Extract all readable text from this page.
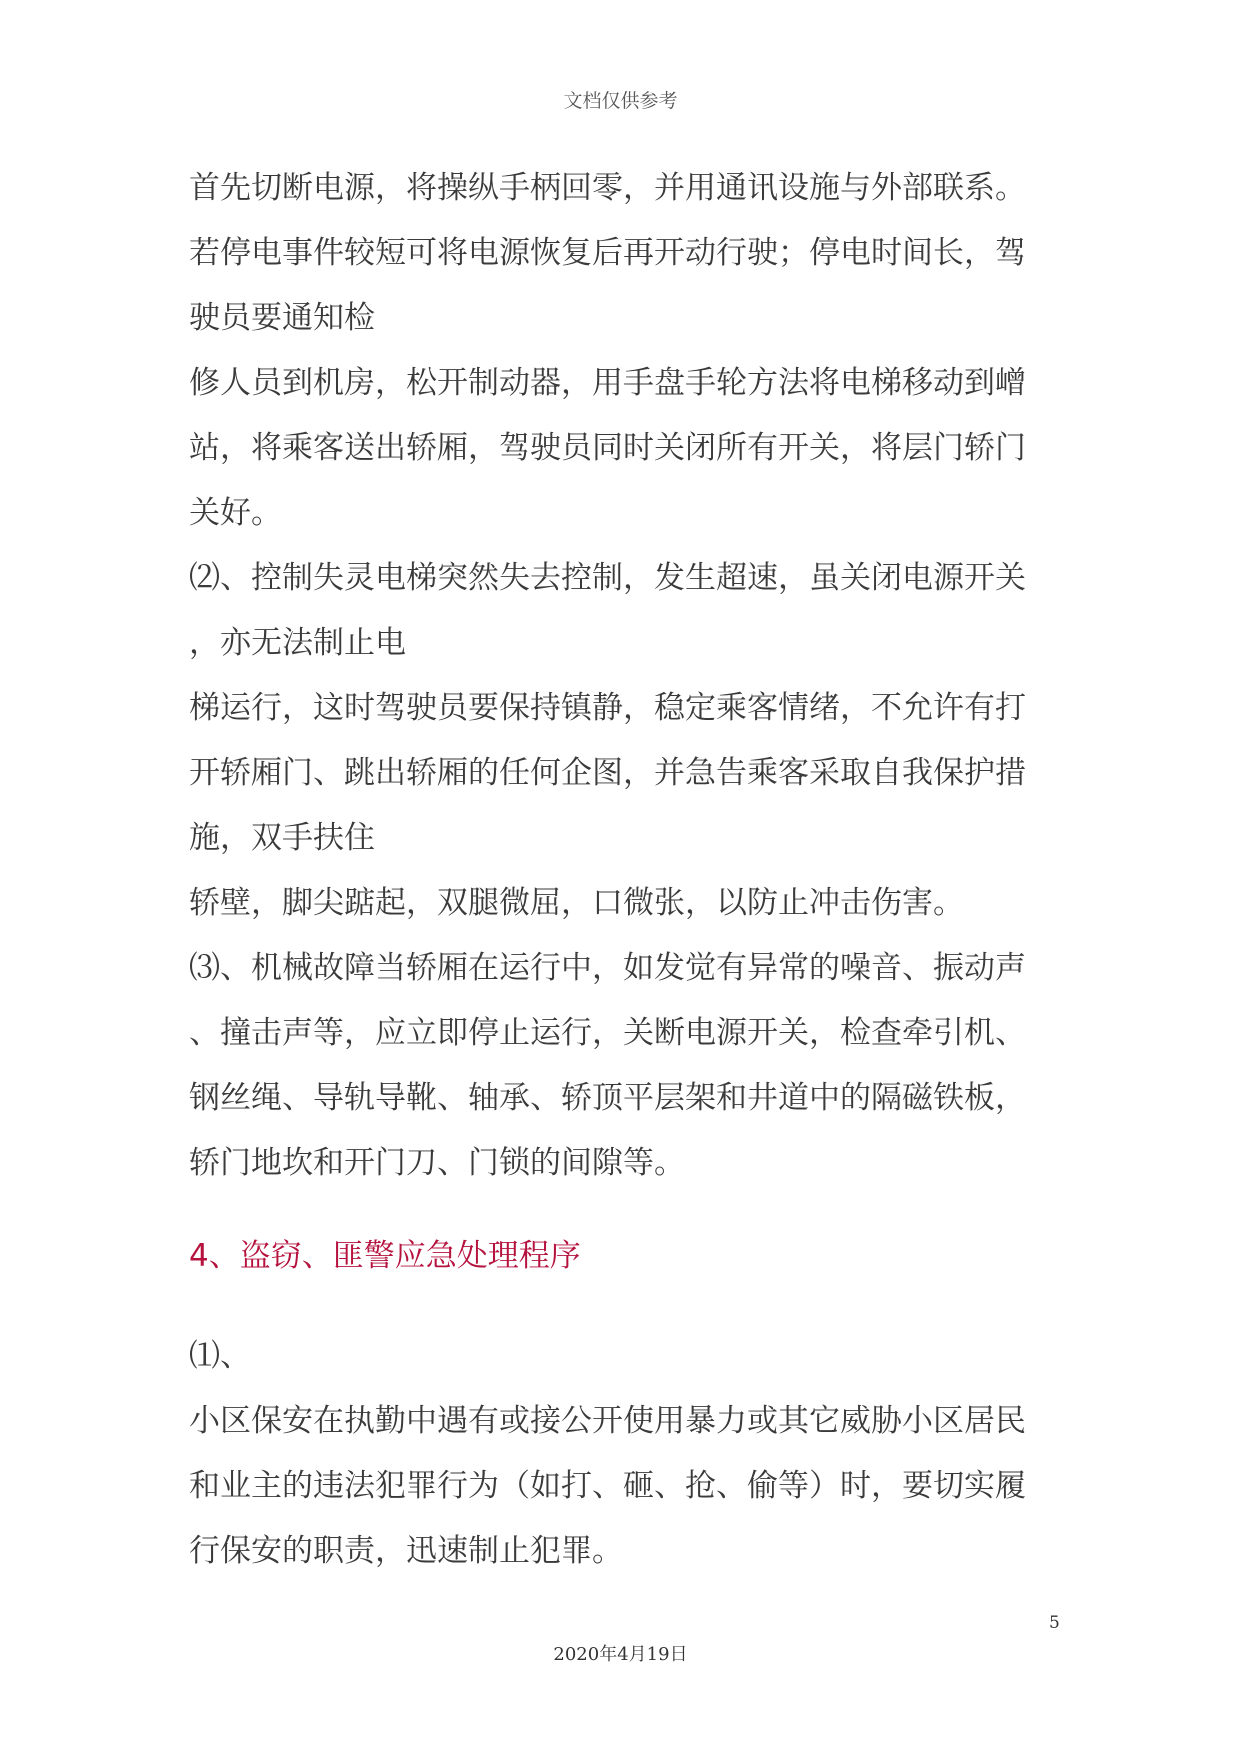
文档仅供参考
首先切断电源，将操纵手柄回零，并用通讯设施与外部联系。
若停电事件较短可将电源恢复后再开动行驶；停电时间长，驾
驶员要通知检
修人员到机房，松开制动器，用手盘手轮方法将电梯移动到嶒
站，将乘客送出轿厢，驾驶员同时关闭所有开关，将层门轿门
关好。
⑵、控制失灵电梯突然失去控制，发生超速，虽关闭电源开关
，亦无法制止电
梯运行，这时驾驶员要保持镇静，稳定乘客情绪，不允许有打
开轿厢门、跳出轿厢的任何企图，并急告乘客采取自我保护措
施，双手扶住
轿壁，脚尖踮起，双腿微屈，口微张，以防止冲击伤害。
⑶、机械故障当轿厢在运行中，如发觉有异常的噪音、振动声
、撞击声等，应立即停止运行，关断电源开关，检查牵引机、
钢丝绳、导轨导靴、轴承、轿顶平层架和井道中的隔磁铁板，
轿门地坎和开门刀、门锁的间隙等。
4、盗窃、匪警应急处理程序
⑴、
小区保安在执勤中遇有或接公开使用暴力或其它威胁小区居民
和业主的违法犯罪行为（如打、砸、抢、偷等）时，要切实履
行保安的职责，迅速制止犯罪。
5
2020年4月19日
